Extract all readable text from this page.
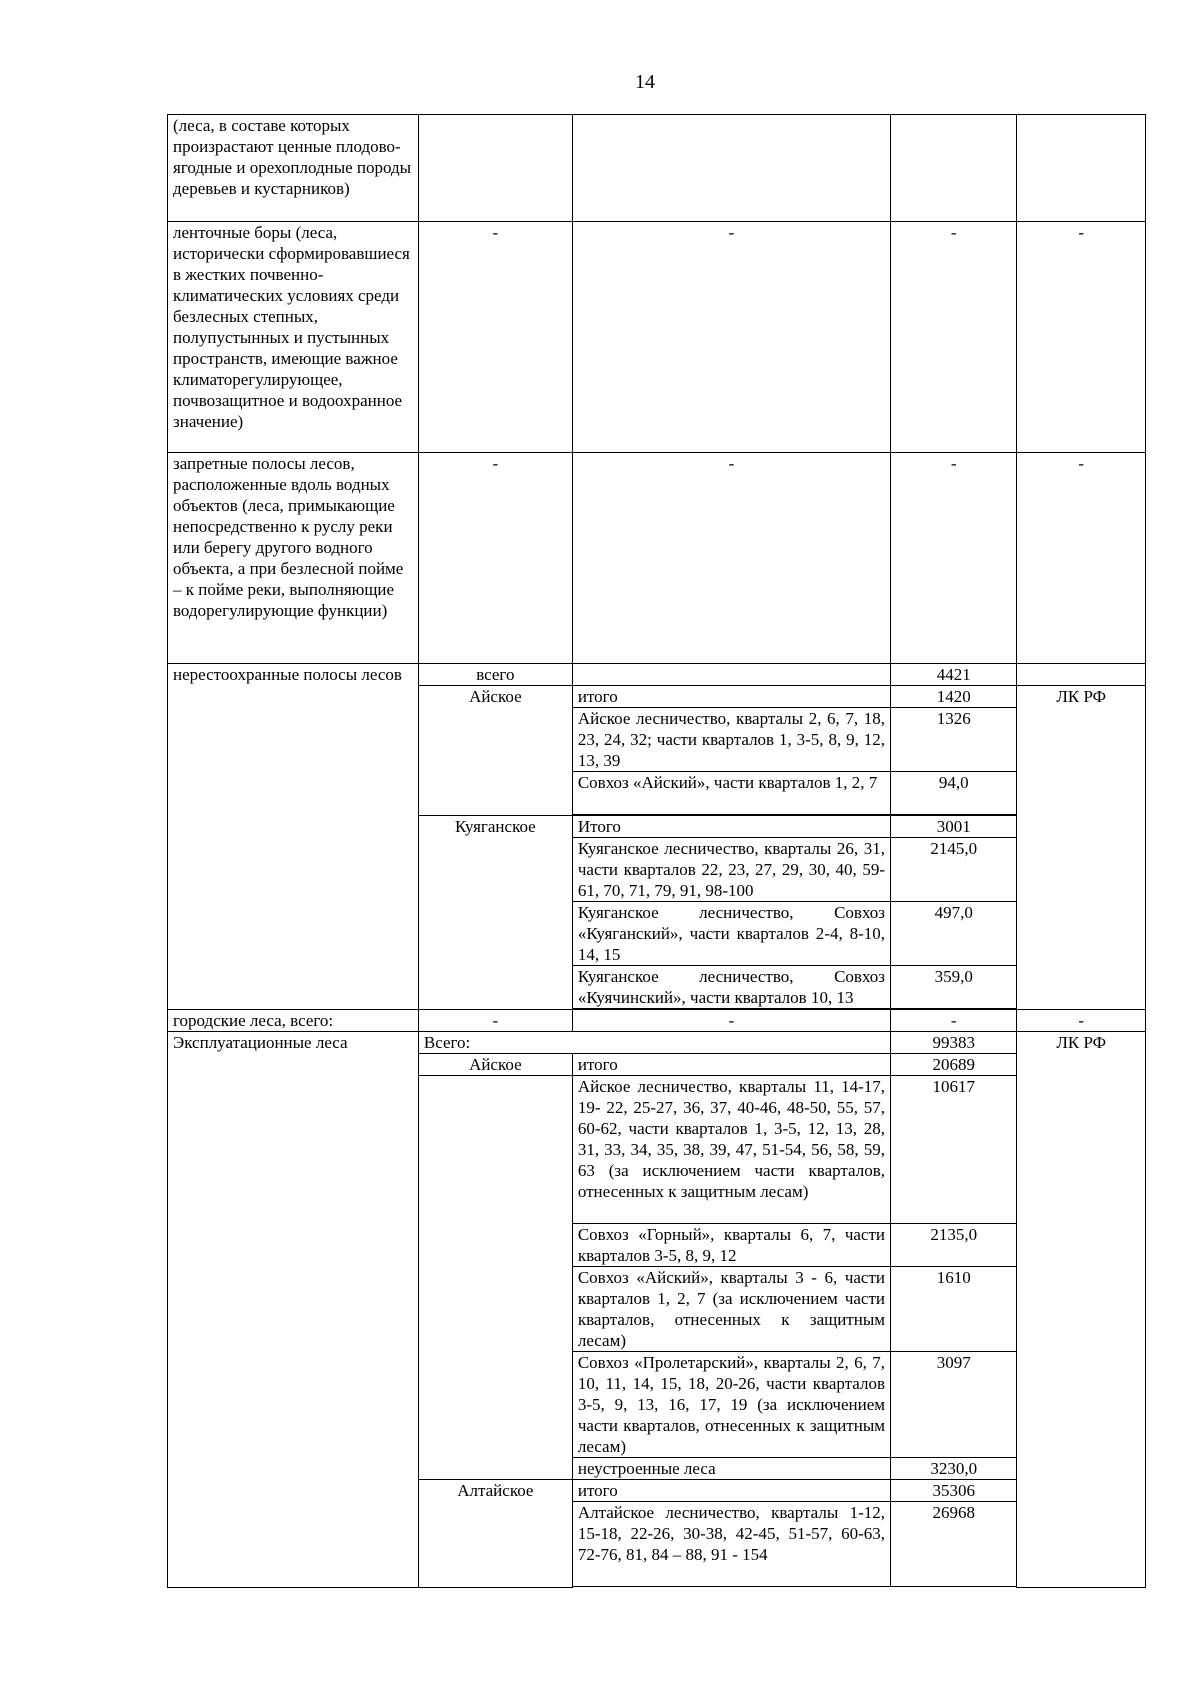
14
(леса, в составе которых произрастают ценные плодово-ягодные и орехоплодные породы деревьев и кустарников)				
ленточные боры (леса, исторически сформировавшиеся в жестких почвенно-климатических условиях среди безлесных степных, полупустынных и пустынных пространств, имеющие важное климаторегулирующее, почвозащитное и водоохранное значение)	-	-	-	-
запретные полосы лесов, расположенные вдоль водных объектов (леса, примыкающие непосредственно к руслу реки или берегу другого водного объекта, а при безлесной пойме – к пойме реки, выполняющие водорегулирующие функции)	-	-	-	-
нерестоохранные полосы лесов	всего		4421	
	Айское	итого	1420	ЛК РФ
		Айское лесничество, кварталы 2, 6, 7, 18, 23, 24, 32; части кварталов 1, 3-5, 8, 9, 12, 13, 39	1326	
		Совхоз «Айский», части кварталов 1, 2, 7	94,0	

	Куяганское	Итого	3001	
		Куяганское лесничество, кварталы 26, 31, части кварталов 22, 23, 27, 29, 30, 40, 59-61, 70, 71, 79, 91, 98-100	2145,0	
		Куяганское лесничество, Совхоз «Куяганский», части кварталов 2-4, 8-10, 14, 15	497,0	
		Куяганское лесничество, Совхоз «Куячинский», части кварталов 10, 13	359,0	

городские леса, всего:	-	-	-	-
Эксплуатационные леса	Всего:		99383	ЛК РФ
	Айское	итого	20689	
		Айское лесничество, кварталы 11, 14-17, 19- 22, 25-27, 36, 37, 40-46, 48-50, 55, 57, 60-62, части кварталов 1, 3-5, 12, 13, 28, 31, 33, 34, 35, 38, 39, 47, 51-54, 56, 58, 59, 63 (за исключением части кварталов, отнесенных к защитным лесам)	10617	
		Совхоз «Горный», кварталы 6, 7, части кварталов 3-5, 8, 9, 12	2135,0	
		Совхоз «Айский», кварталы 3 - 6, части кварталов 1, 2, 7 (за исключением части кварталов, отнесенных к защитным лесам)	1610	
		Совхоз «Пролетарский», кварталы 2, 6, 7, 10, 11, 14, 15, 18, 20-26, части кварталов 3-5, 9, 13, 16, 17, 19 (за исключением части кварталов, отнесенных к защитным лесам)	3097	
		неустроенные леса	3230,0	
	Алтайское	итого	35306	
		Алтайское лесничество, кварталы 1-12, 15-18, 22-26, 30-38, 42-45, 51-57, 60-63, 72-76, 81, 84 – 88, 91 - 154	26968	
